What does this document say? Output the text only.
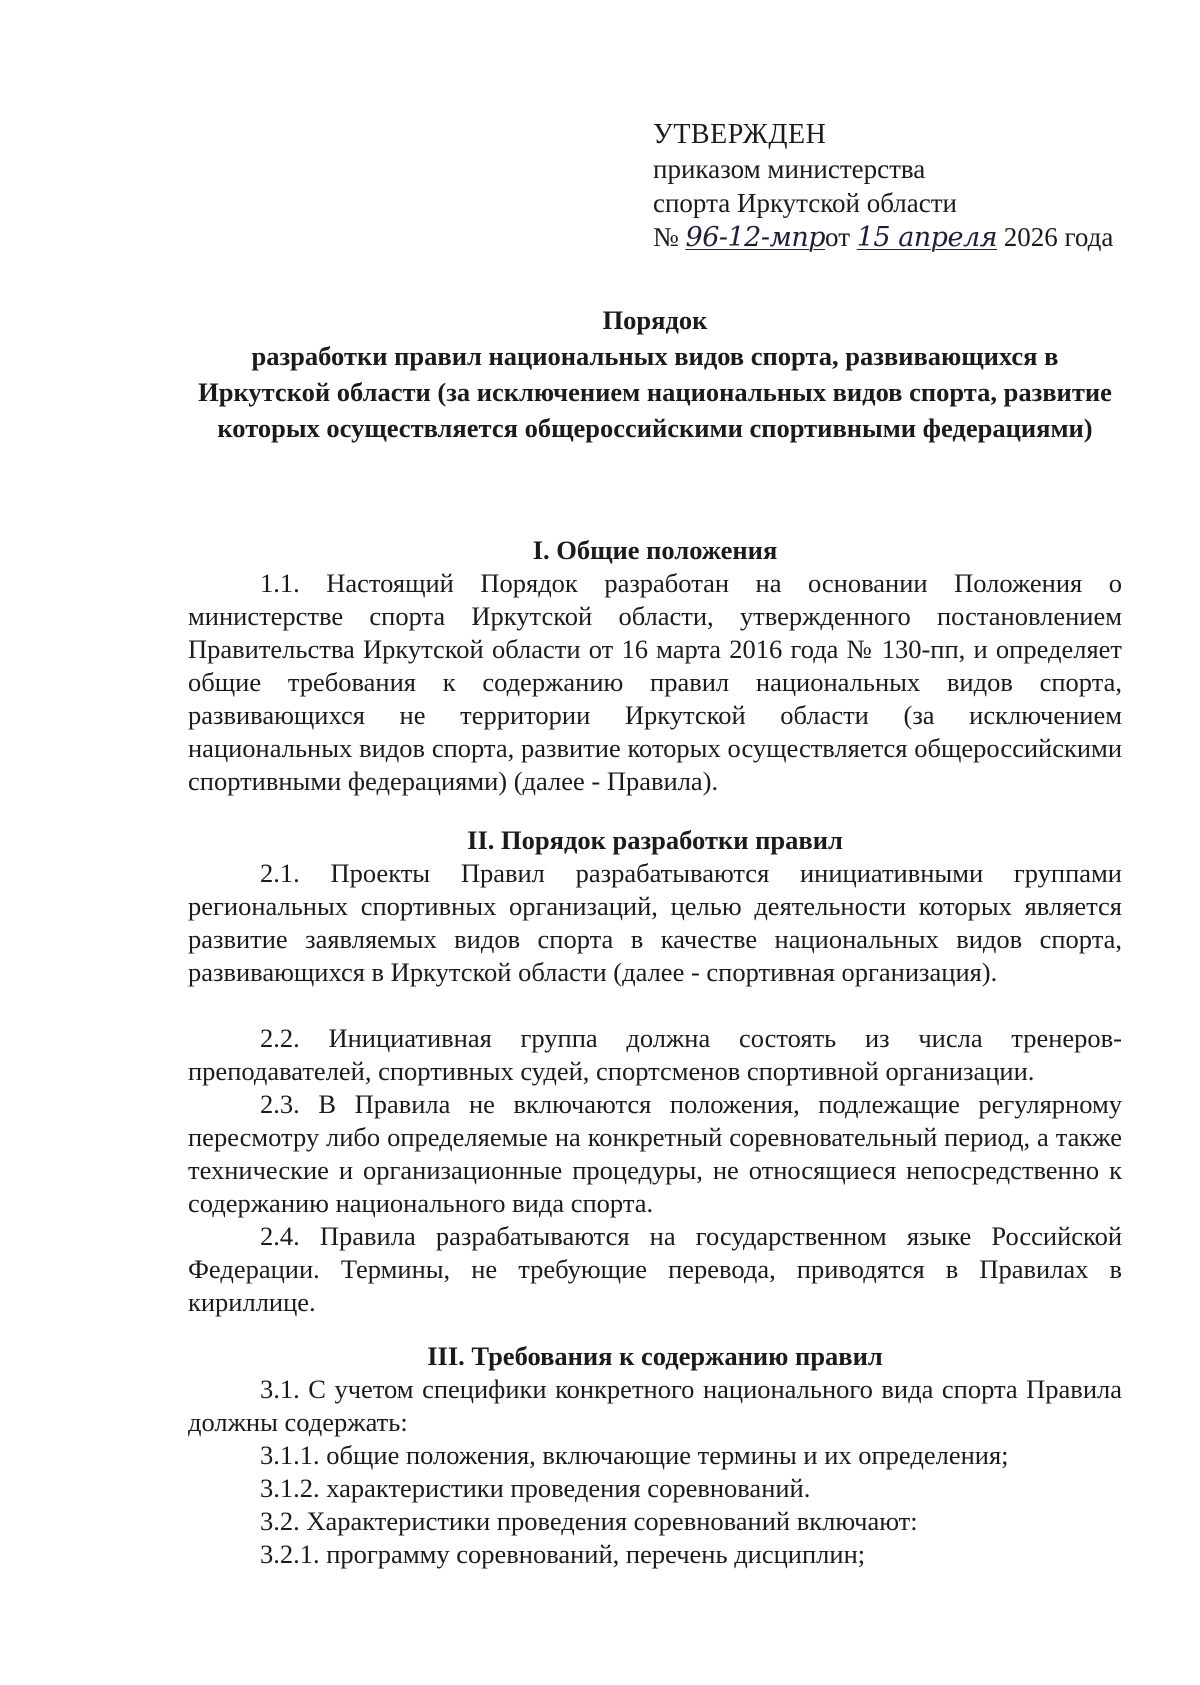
УТВЕРЖДЕН
приказом министерства
спорта Иркутской области
№ 96-12-мпрот 15 апреля 2026 года
Порядок
разработки правил национальных видов спорта, развивающихся в Иркутской области (за исключением национальных видов спорта, развитие которых осуществляется общероссийскими спортивными федерациями)
I. Общие положения
1.1. Настоящий Порядок разработан на основании Положения о министерстве спорта Иркутской области, утвержденного постановлением Правительства Иркутской области от 16 марта 2016 года № 130-пп, и определяет общие требования к содержанию правил национальных видов спорта, развивающихся не территории Иркутской области (за исключением национальных видов спорта, развитие которых осуществляется общероссийскими спортивными федерациями) (далее - Правила).
II. Порядок разработки правил
2.1. Проекты Правил разрабатываются инициативными группами региональных спортивных организаций, целью деятельности которых является развитие заявляемых видов спорта в качестве национальных видов спорта, развивающихся в Иркутской области (далее - спортивная организация).
2.2. Инициативная группа должна состоять из числа тренеров-преподавателей, спортивных судей, спортсменов спортивной организации.
2.3. В Правила не включаются положения, подлежащие регулярному пересмотру либо определяемые на конкретный соревновательный период, а также технические и организационные процедуры, не относящиеся непосредственно к содержанию национального вида спорта.
2.4. Правила разрабатываются на государственном языке Российской Федерации. Термины, не требующие перевода, приводятся в Правилах в кириллице.
III. Требования к содержанию правил
3.1. С учетом специфики конкретного национального вида спорта Правила должны содержать:
3.1.1. общие положения, включающие термины и их определения;
3.1.2. характеристики проведения соревнований.
3.2. Характеристики проведения соревнований включают:
3.2.1. программу соревнований, перечень дисциплин;
